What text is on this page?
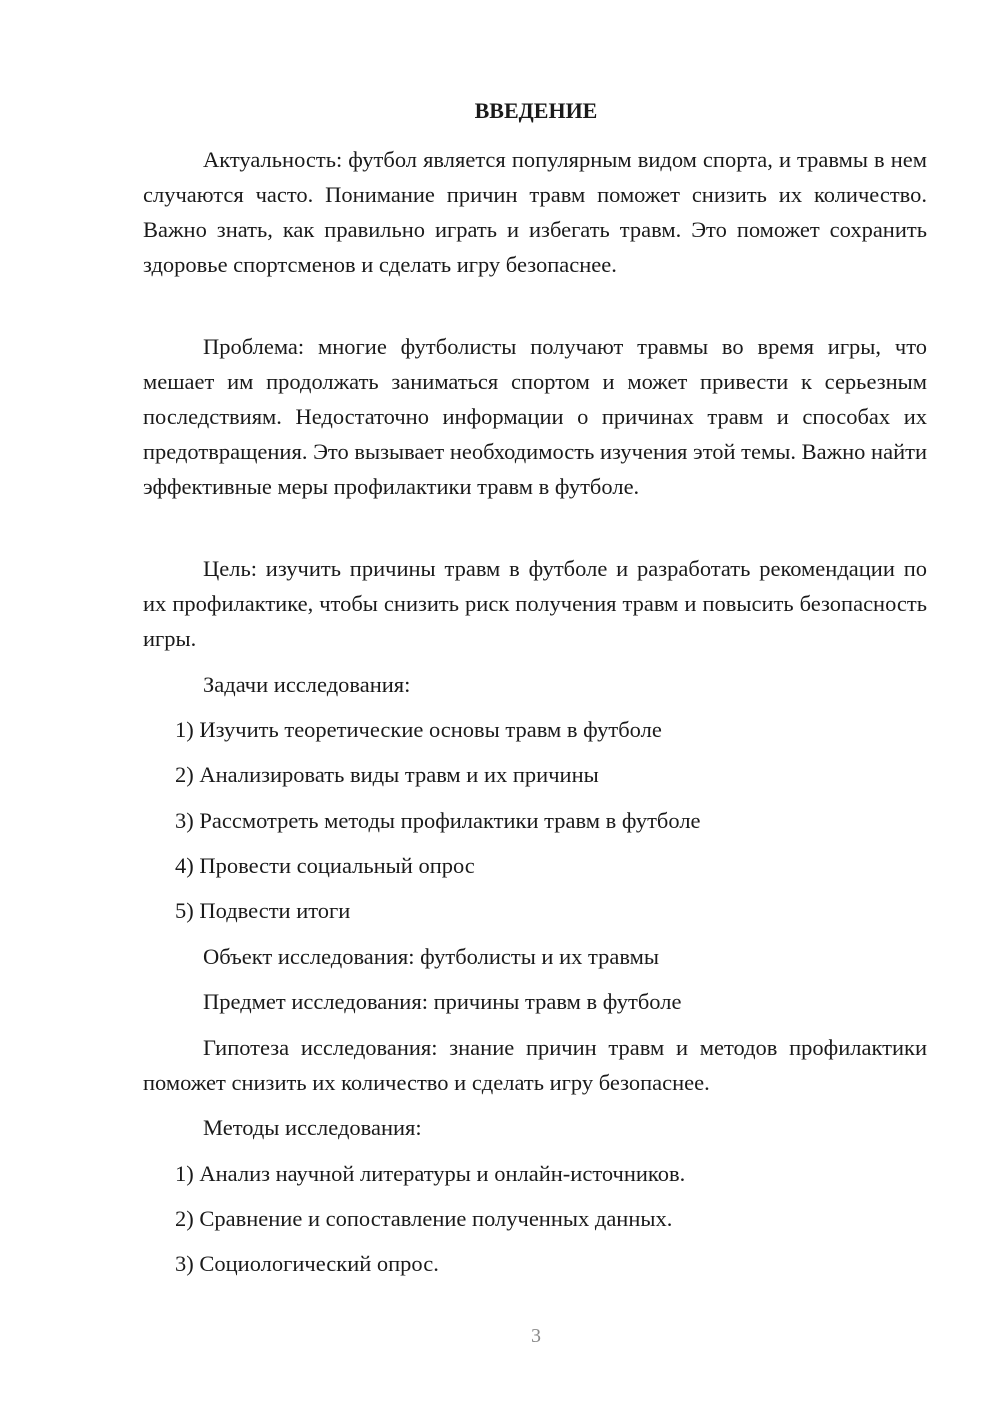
ВВЕДЕНИЕ

Актуальность: футбол является популярным видом спорта, и травмы в нем случаются часто. Понимание причин травм поможет снизить их количество. Важно знать, как правильно играть и избегать травм. Это поможет сохранить здоровье спортсменов и сделать игру безопаснее.

Проблема: многие футболисты получают травмы во время игры, что мешает им продолжать заниматься спортом и может привести к серьезным последствиям. Недостаточно информации о причинах травм и способах их предотвращения. Это вызывает необходимость изучения этой темы. Важно найти эффективные меры профилактики травм в футболе.

Цель: изучить причины травм в футболе и разработать рекомендации по их профилактике, чтобы снизить риск получения травм и повысить безопасность игры.

Задачи исследования:
1) Изучить теоретические основы травм в футболе
2) Анализировать виды травм и их причины
3) Рассмотреть методы профилактики травм в футболе
4) Провести социальный опрос
5) Подвести итоги
Объект исследования: футболисты и их травмы
Предмет исследования: причины травм в футболе

Гипотеза исследования: знание причин травм и методов профилактики поможет снизить их количество и сделать игру безопаснее.

Методы исследования:
1) Анализ научной литературы и онлайн-источников.
2) Сравнение и сопоставление полученных данных.
3) Социологический опрос.
3
